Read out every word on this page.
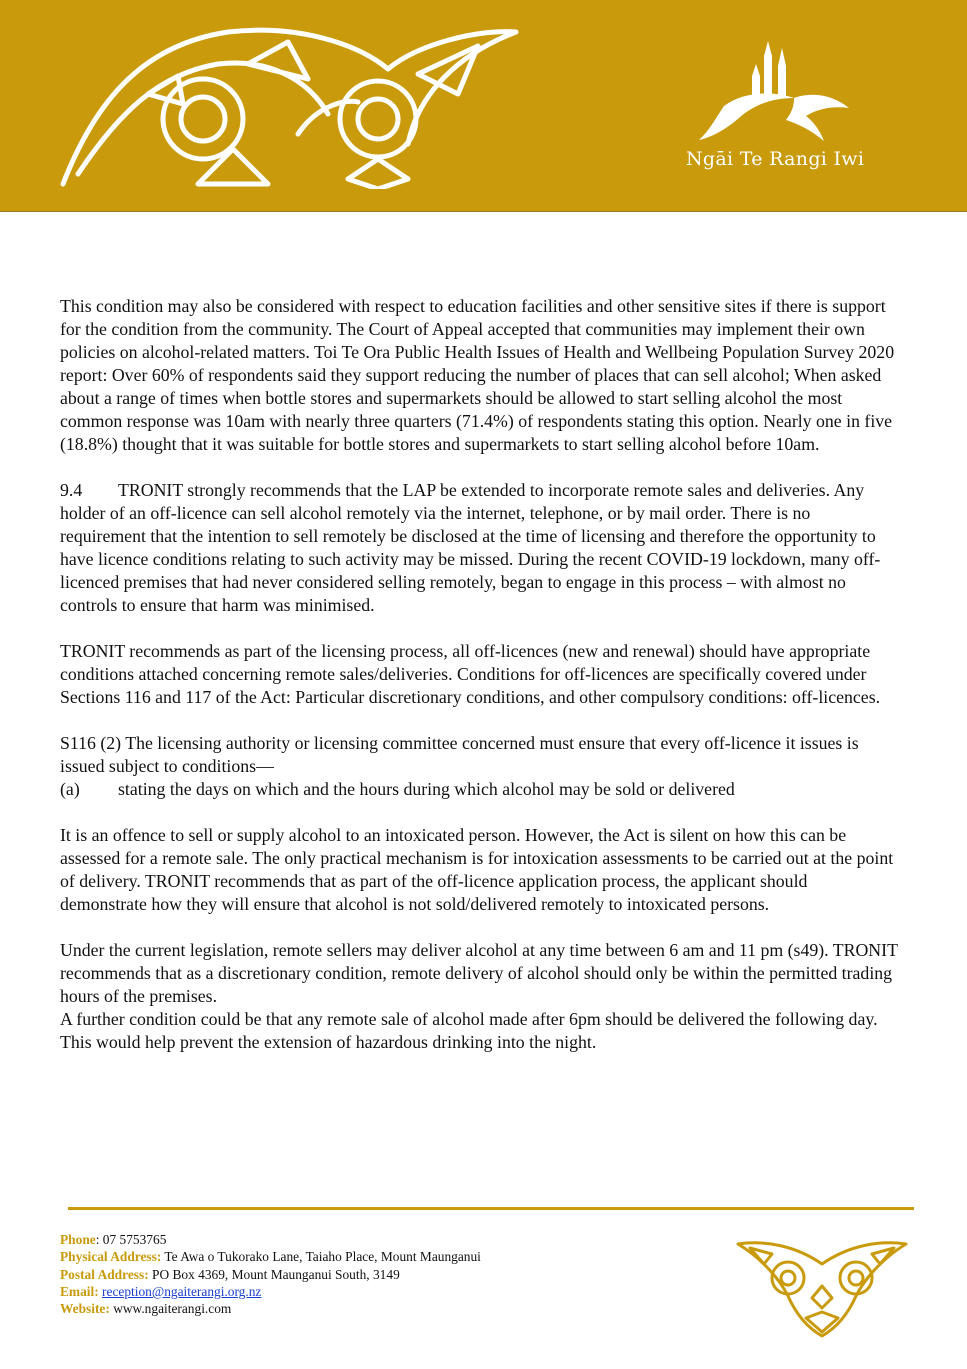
Ngāi Te Rangi Iwi

This condition may also be considered with respect to education facilities and other sensitive sites if there is support for the condition from the community. The Court of Appeal accepted that communities may implement their own policies on alcohol-related matters. Toi Te Ora Public Health Issues of Health and Wellbeing Population Survey 2020 report: Over 60% of respondents said they support reducing the number of places that can sell alcohol; When asked about a range of times when bottle stores and supermarkets should be allowed to start selling alcohol the most common response was 10am with nearly three quarters (71.4%) of respondents stating this option. Nearly one in five (18.8%) thought that it was suitable for bottle stores and supermarkets to start selling alcohol before 10am.

9.4 TRONIT strongly recommends that the LAP be extended to incorporate remote sales and deliveries. Any holder of an off-licence can sell alcohol remotely via the internet, telephone, or by mail order. There is no requirement that the intention to sell remotely be disclosed at the time of licensing and therefore the opportunity to have licence conditions relating to such activity may be missed. During the recent COVID-19 lockdown, many off-licenced premises that had never considered selling remotely, began to engage in this process – with almost no controls to ensure that harm was minimised.

TRONIT recommends as part of the licensing process, all off-licences (new and renewal) should have appropriate conditions attached concerning remote sales/deliveries. Conditions for off-licences are specifically covered under Sections 116 and 117 of the Act: Particular discretionary conditions, and other compulsory conditions: off-licences.

S116 (2) The licensing authority or licensing committee concerned must ensure that every off-licence it issues is issued subject to conditions—

(a) stating the days on which and the hours during which alcohol may be sold or delivered

It is an offence to sell or supply alcohol to an intoxicated person. However, the Act is silent on how this can be assessed for a remote sale. The only practical mechanism is for intoxication assessments to be carried out at the point of delivery. TRONIT recommends that as part of the off-licence application process, the applicant should demonstrate how they will ensure that alcohol is not sold/delivered remotely to intoxicated persons.

Under the current legislation, remote sellers may deliver alcohol at any time between 6 am and 11 pm (s49). TRONIT recommends that as a discretionary condition, remote delivery of alcohol should only be within the permitted trading hours of the premises.

A further condition could be that any remote sale of alcohol made after 6pm should be delivered the following day. This would help prevent the extension of hazardous drinking into the night.

Phone: 07 5753765
Physical Address: Te Awa o Tukorako Lane, Taiaho Place, Mount Maunganui
Postal Address: PO Box 4369, Mount Maunganui South, 3149
Email: reception@ngaiterangi.org.nz
Website: www.ngaiterangi.com
